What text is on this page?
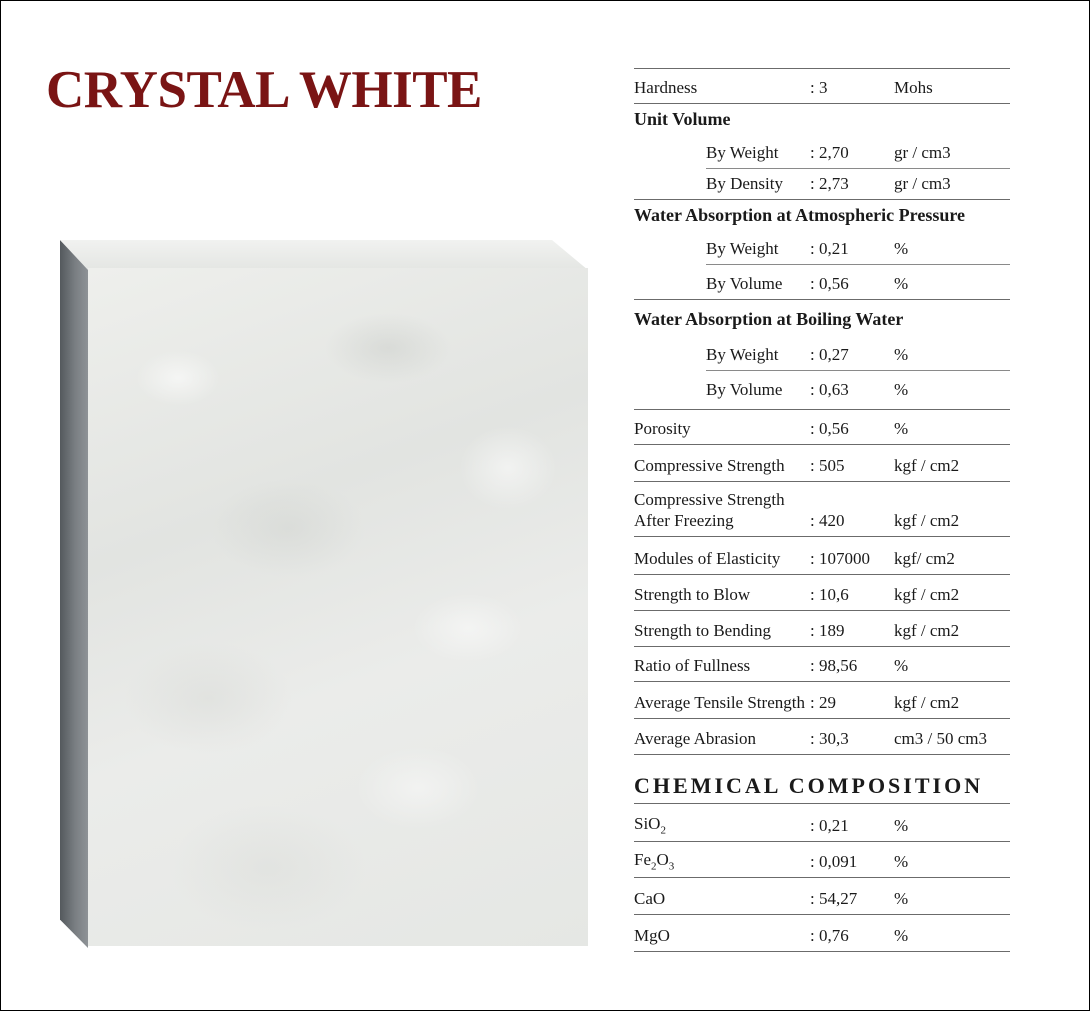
CRYSTAL WHITE	Hardness	: 3	Mohs
Unit Volume
By Weight : 2,70	gr / cm3
By Density : 2,73	gr / cm3
Water Absorption at Atmospheric Pressure
By Weight : 0,21	%
By Volume : 0,56	%
Water Absorption at Boiling Water
By Weight : 0,27	%
By Volume : 0,63	%
Porosity	: 0,56	%
Compressive Strength : 505	kgf / cm2
Compressive Strength
After Freezing	: 420	kgf / cm2
Modules of Elasticity : 107000 kgf/ cm2
Strength to Blow	: 10,6	kgf / cm2
Strength to Bending : 189	kgf / cm2
Ratio of Fullness	: 98,56 %
Average Tensile Strength : 29	kgf / cm2
Average Abrasion	: 30,3	cm3 / 50 cm3
CHEMICAL COMPOSITION
SiO$_2$	: 0,21	%
$Fe_2O_3$	: 0,091 %
CaO	: 54,27 %
MgO	: 0,76	%
